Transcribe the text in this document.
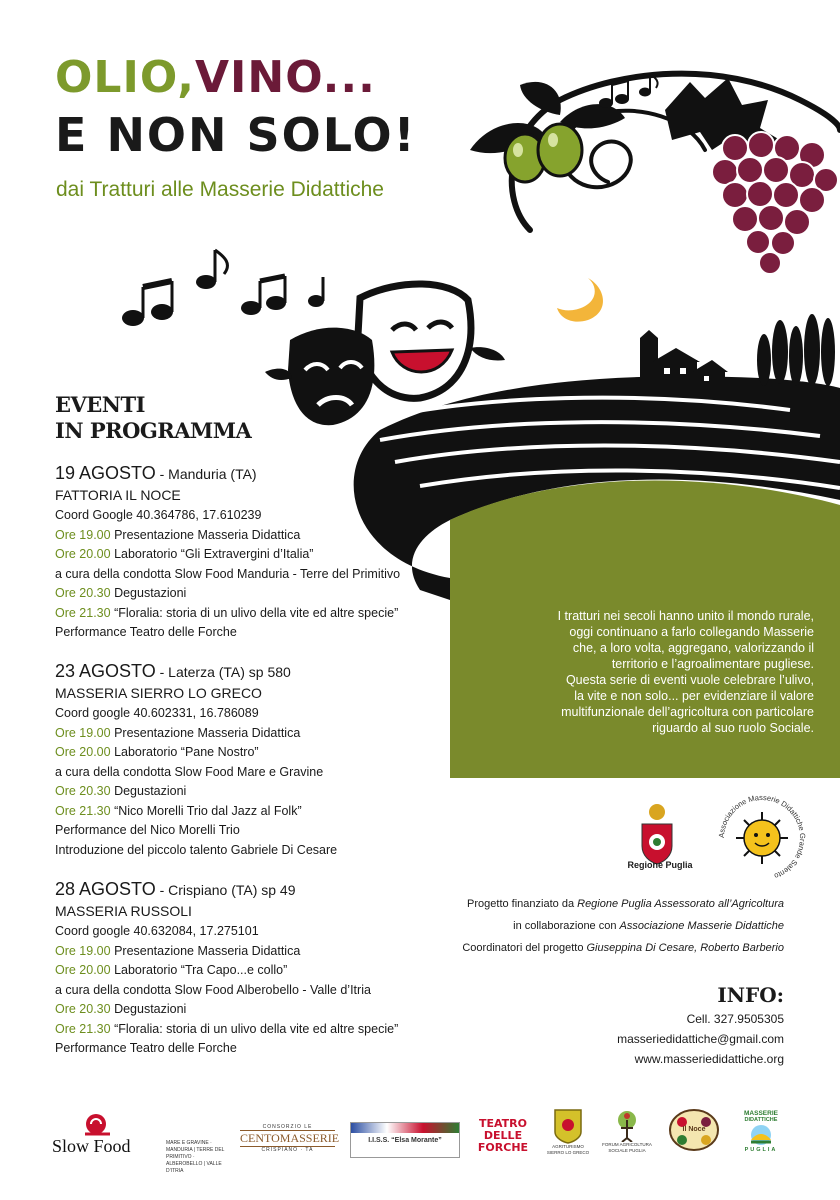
OLIO,VINO...
E NON SOLO!
dai Tratturi alle Masserie Didattiche
EVENTI
IN PROGRAMMA
19 AGOSTO - Manduria (TA)
FATTORIA IL NOCE
Coord Google 40.364786, 17.610239
Ore 19.00 Presentazione Masseria Didattica
Ore 20.00 Laboratorio “Gli Extravergini d’Italia”
a cura della condotta Slow Food Manduria - Terre del Primitivo
Ore 20.30 Degustazioni
Ore 21.30 “Floralia: storia di un ulivo della vite ed altre specie”
Performance Teatro delle Forche
23 AGOSTO - Laterza (TA) sp 580
MASSERIA SIERRO LO GRECO
Coord google 40.602331, 16.786089
Ore 19.00 Presentazione Masseria Didattica
Ore 20.00 Laboratorio “Pane Nostro”
a cura della condotta Slow Food Mare e Gravine
Ore 20.30 Degustazioni
Ore 21.30 “Nico Morelli Trio dal Jazz al Folk”
Performance del Nico Morelli Trio
Introduzione del piccolo talento Gabriele Di Cesare
28 AGOSTO - Crispiano (TA) sp 49
MASSERIA RUSSOLI
Coord google 40.632084, 17.275101
Ore 19.00 Presentazione Masseria Didattica
Ore 20.00 Laboratorio “Tra Capo...e collo”
a cura della condotta Slow Food Alberobello - Valle d’Itria
Ore 20.30 Degustazioni
Ore 21.30 “Floralia: storia di un ulivo della vite ed altre specie”
Performance Teatro delle Forche
I tratturi nei secoli hanno unito il mondo rurale,
oggi continuano a farlo collegando Masserie
che, a loro volta, aggregano, valorizzando il
territorio e l’agroalimentare pugliese.
Questa serie di eventi vuole celebrare l’ulivo,
la vite e non solo... per evidenziare il valore
multifunzionale dell’agricoltura con particolare
riguardo al suo ruolo Sociale.
Regione Puglia
Associazione Masserie Didattiche Grande Salento
Progetto finanziato da Regione Puglia Assessorato all’Agricoltura
in collaborazione con Associazione Masserie Didattiche
Coordinatori del progetto Giuseppina Di Cesare, Roberto Barberio
INFO:
Cell. 327.9505305
masseriedidattiche@gmail.com
www.masseriedidattiche.org
Slow Food	MARE E GRAVINE · MANDURIA | TERRE DEL PRIMITIVO · ALBEROBELLO | VALLE D’ITRIA
CONSORZIO LE
CENTOMASSERIE
CRISPIANO · TA
I.I.S.S. “Elsa Morante”
TEATRO
DELLE
FORCHE	AGRITURISMO SIERRO LO GRECO
FORUM AGRICOLTURA SOCIALE PUGLIA
Il Noce
MASSERIE
DIDATTICHE
PUGLIA
